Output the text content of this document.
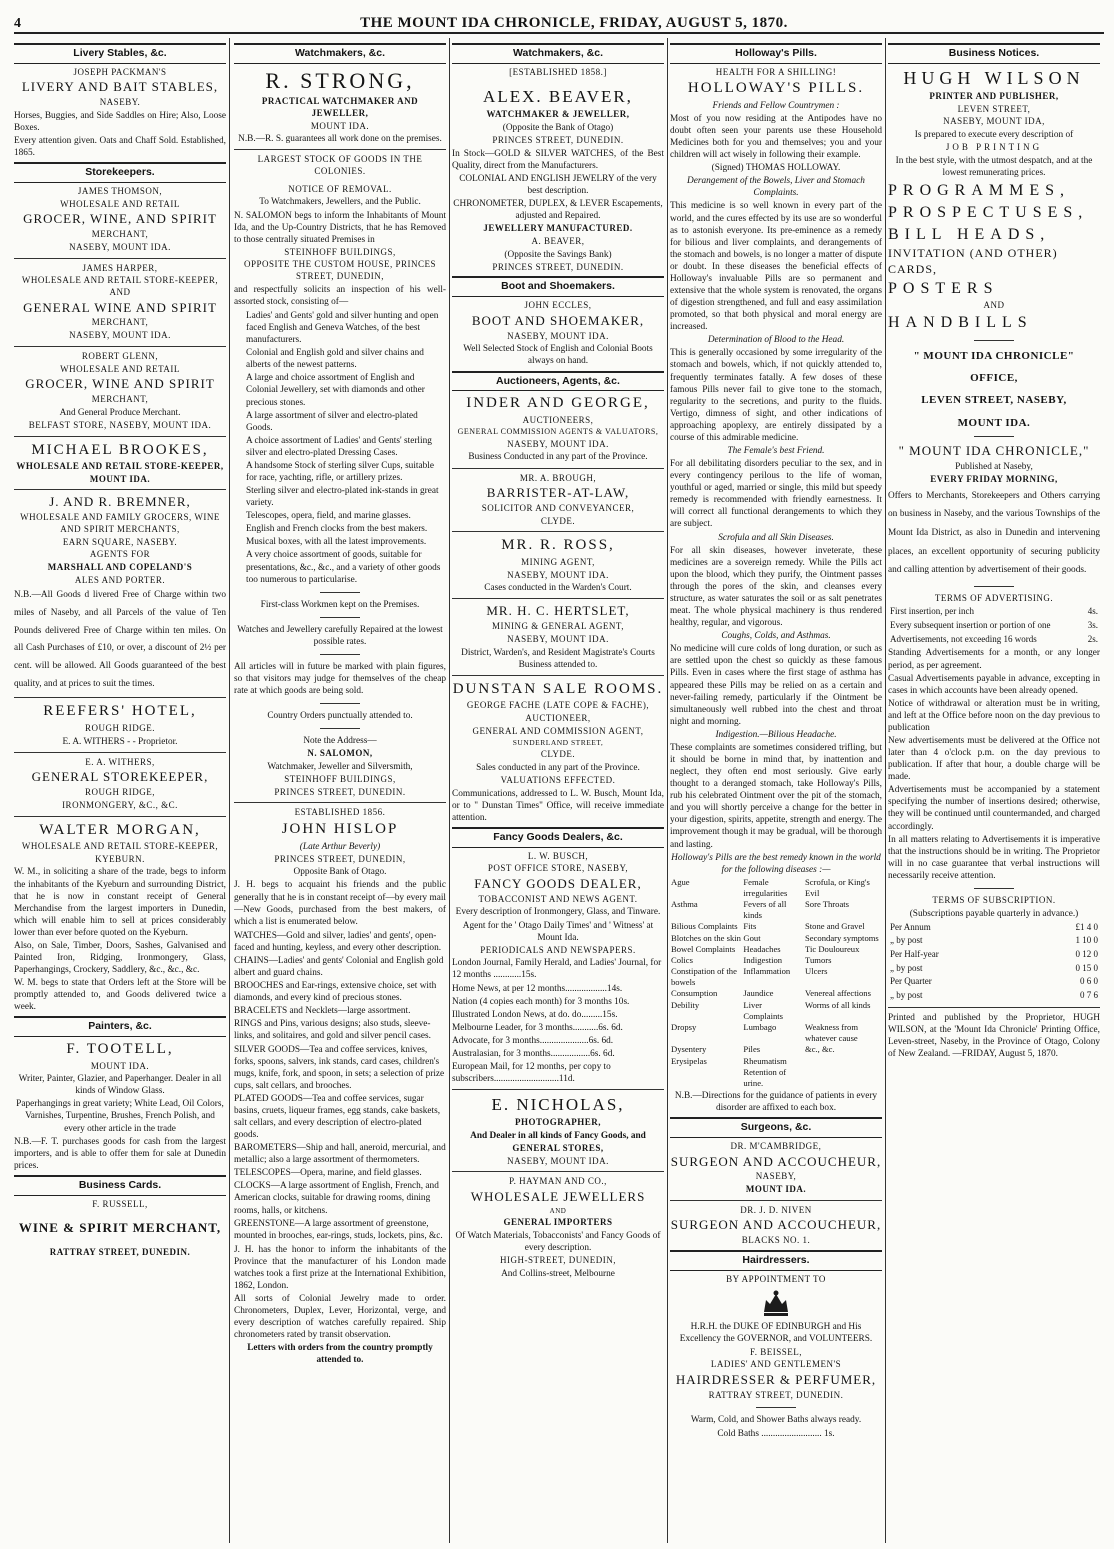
4	THE MOUNT IDA CHRONICLE, FRIDAY, AUGUST 5, 1870.
Livery Stables, &c.

JOSEPH PACKMAN'S

LIVERY AND BAIT STABLES,

NASEBY.

Horses, Buggies, and Side Saddles on Hire; Also, Loose Boxes.

Every attention given. Oats and Chaff Sold. Established, 1865.

Storekeepers.

JAMES THOMSON,

WHOLESALE AND RETAIL

GROCER, WINE, AND SPIRIT

MERCHANT,

NASEBY, MOUNT IDA.

JAMES HARPER,

WHOLESALE AND RETAIL STORE-KEEPER, AND

GENERAL WINE AND SPIRIT

MERCHANT,

NASEBY, MOUNT IDA.

ROBERT GLENN,

WHOLESALE AND RETAIL

GROCER, WINE AND SPIRIT

MERCHANT,

And General Produce Merchant.

BELFAST STORE, NASEBY, MOUNT IDA.

MICHAEL BROOKES,

WHOLESALE AND RETAIL STORE-KEEPER,

MOUNT IDA.

J. AND R. BREMNER,

WHOLESALE AND FAMILY GROCERS, WINE AND SPIRIT MERCHANTS,

EARN SQUARE, NASEBY.

AGENTS FOR

MARSHALL AND COPELAND'S

ALES AND PORTER.

N.B.—All Goods d livered Free of Charge within two miles of Naseby, and all Parcels of the value of Ten Pounds delivered Free of Charge within ten miles. On all Cash Purchases of £10, or over, a discount of 2½ per cent. will be allowed. All Goods guaranteed of the best quality, and at prices to suit the times.

REEFERS' HOTEL,

ROUGH RIDGE.

E. A. WITHERS - - Proprietor.

E. A. WITHERS,

GENERAL STOREKEEPER,

ROUGH RIDGE,

IRONMONGERY, &C., &C.

WALTER MORGAN,

WHOLESALE AND RETAIL STORE-KEEPER,

KYEBURN.

W. M., in soliciting a share of the trade, begs to inform the inhabitants of the Kyeburn and surrounding District, that he is now in constant receipt of General Merchandise from the largest importers in Dunedin, which will enable him to sell at prices considerably lower than ever before quoted on the Kyeburn.

Also, on Sale, Timber, Doors, Sashes, Galvanised and Painted Iron, Ridging, Ironmongery, Glass, Paperhangings, Crockery, Saddlery, &c., &c., &c.

W. M. begs to state that Orders left at the Store will be promptly attended to, and Goods delivered twice a week.

Painters, &c.

F. TOOTELL,

MOUNT IDA.

Writer, Painter, Glazier, and Paperhanger. Dealer in all kinds of Window Glass.

Paperhangings in great variety; White Lead, Oil Colors, Varnishes, Turpentine, Brushes, French Polish, and every other article in the trade

N.B.—F. T. purchases goods for cash from the largest importers, and is able to offer them for sale at Dunedin prices.

Business Cards.

F. RUSSELL,

WINE & SPIRIT MERCHANT,

RATTRAY STREET, DUNEDIN.

Watchmakers, &c.

R. STRONG,

PRACTICAL WATCHMAKER AND JEWELLER,

MOUNT IDA.

N.B.—R. S. guarantees all work done on the premises.

LARGEST STOCK OF GOODS IN THE COLONIES.

NOTICE OF REMOVAL.

To Watchmakers, Jewellers, and the Public.

N. SALOMON begs to inform the Inhabitants of Mount Ida, and the Up-Country Districts, that he has Removed to those centrally situated Premises in

STEINHOFF BUILDINGS,

OPPOSITE THE CUSTOM HOUSE, PRINCES STREET, DUNEDIN,

and respectfully solicits an inspection of his well-assorted stock, consisting of—

Ladies' and Gents' gold and silver hunting and open faced English and Geneva Watches, of the best manufacturers.
Colonial and English gold and silver chains and alberts of the newest patterns.
A large and choice assortment of English and Colonial Jewellery, set with diamonds and other precious stones.
A large assortment of silver and electro-plated Goods.
A choice assortment of Ladies' and Gents' sterling silver and electro-plated Dressing Cases.
A handsome Stock of sterling silver Cups, suitable for race, yachting, rifle, or artillery prizes.
Sterling silver and electro-plated ink-stands in great variety.
Telescopes, opera, field, and marine glasses.
English and French clocks from the best makers.
Musical boxes, with all the latest improvements.
A very choice assortment of goods, suitable for presentations, &c., &c., and a variety of other goods too numerous to particularise.

First-class Workmen kept on the Premises.

Watches and Jewellery carefully Repaired at the lowest possible rates.

All articles will in future be marked with plain figures, so that visitors may judge for themselves of the cheap rate at which goods are being sold.

Country Orders punctually attended to.

Note the Address—

N. SALOMON,

Watchmaker, Jeweller and Silversmith,

STEINHOFF BUILDINGS,

PRINCES STREET, DUNEDIN.

ESTABLISHED 1856.

JOHN HISLOP

(Late Arthur Beverly)

PRINCES STREET, DUNEDIN,

Opposite Bank of Otago.

J. H. begs to acquaint his friends and the public generally that he is in constant receipt of—by every mail—New Goods, purchased from the best makers, of which a list is enumerated below.

WATCHES—Gold and silver, ladies' and gents', open-faced and hunting, keyless, and every other description.
CHAINS—Ladies' and gents' Colonial and English gold albert and guard chains.
BROOCHES and Ear-rings, extensive choice, set with diamonds, and every kind of precious stones.
BRACELETS and Necklets—large assortment.
RINGS and Pins, various designs; also studs, sleeve-links, and solitaires, and gold and silver pencil cases.
SILVER GOODS—Tea and coffee services, knives, forks, spoons, salvers, ink stands, card cases, children's mugs, knife, fork, and spoon, in sets; a selection of prize cups, salt cellars, and brooches.
PLATED GOODS—Tea and coffee services, sugar basins, cruets, liqueur frames, egg stands, cake baskets, salt cellars, and every description of electro-plated goods.
BAROMETERS—Ship and hall, aneroid, mercurial, and metallic; also a large assortment of thermometers.
TELESCOPES—Opera, marine, and field glasses.
CLOCKS—A large assortment of English, French, and American clocks, suitable for drawing rooms, dining rooms, halls, or kitchens.
GREENSTONE—A large assortment of greenstone, mounted in brooches, ear-rings, studs, lockets, pins, &c.

J. H. has the honor to inform the inhabitants of the Province that the manufacturer of his London made watches took a first prize at the International Exhibition, 1862, London.

All sorts of Colonial Jewelry made to order. Chronometers, Duplex, Lever, Horizontal, verge, and every description of watches carefully repaired. Ship chronometers rated by transit observation.

Letters with orders from the country promptly attended to.

Watchmakers, &c.

[ESTABLISHED 1858.]

ALEX. BEAVER,

WATCHMAKER & JEWELLER,

(Opposite the Bank of Otago)

PRINCES STREET, DUNEDIN.

In Stock—GOLD & SILVER WATCHES, of the Best Quality, direct from the Manufacturers.

COLONIAL AND ENGLISH JEWELRY of the very best description.

CHRONOMETER, DUPLEX, & LEVER Escapements, adjusted and Repaired.

JEWELLERY MANUFACTURED.

A. BEAVER,

(Opposite the Savings Bank)

PRINCES STREET, DUNEDIN.

Boot and Shoemakers.

JOHN ECCLES,

BOOT AND SHOEMAKER,

NASEBY, MOUNT IDA.

Well Selected Stock of English and Colonial Boots always on hand.

Auctioneers, Agents, &c.

INDER AND GEORGE,

AUCTIONEERS,

GENERAL COMMISSION AGENTS & VALUATORS,

NASEBY, MOUNT IDA.

Business Conducted in any part of the Province.

MR. A. BROUGH,

BARRISTER-AT-LAW,

SOLICITOR AND CONVEYANCER,

CLYDE.

MR. R. ROSS,

MINING AGENT,

NASEBY, MOUNT IDA.

Cases conducted in the Warden's Court.

MR. H. C. HERTSLET,

MINING & GENERAL AGENT,

NASEBY, MOUNT IDA.

District, Warden's, and Resident Magistrate's Courts Business attended to.

DUNSTAN SALE ROOMS.

GEORGE FACHE (LATE COPE & FACHE),

AUCTIONEER,

GENERAL AND COMMISSION AGENT,

SUNDERLAND STREET,

CLYDE.

Sales conducted in any part of the Province.

VALUATIONS EFFECTED.

Communications, addressed to L. W. Busch, Mount Ida, or to " Dunstan Times" Office, will receive immediate attention.

Fancy Goods Dealers, &c.

L. W. BUSCH,

POST OFFICE STORE, NASEBY,

FANCY GOODS DEALER,

TOBACCONIST AND NEWS AGENT.

Every description of Ironmongery, Glass, and Tinware.

Agent for the ' Otago Daily Times' and ' Witness' at Mount Ida.

PERIODICALS AND NEWSPAPERS.

London Journal, Family Herald, and Ladies' Journal, for 12 months ............15s.

Home News, at per 12 months..................14s.

Nation (4 copies each month) for 3 months 10s.

Illustrated London News, at do. do.........15s.

Melbourne Leader, for 3 months...........6s. 6d.

Advocate, for 3 months.....................6s. 6d.

Australasian, for 3 months.................6s. 6d.

European Mail, for 12 months, per copy to subscribers............................11d.

E. NICHOLAS,

PHOTOGRAPHER,

And Dealer in all kinds of Fancy Goods, and

GENERAL STORES,

NASEBY, MOUNT IDA.

P. HAYMAN AND CO.,

WHOLESALE JEWELLERS

AND

GENERAL IMPORTERS

Of Watch Materials, Tobacconists' and Fancy Goods of every description.

HIGH-STREET, DUNEDIN,

And Collins-street, Melbourne

Holloway's Pills.

HEALTH FOR A SHILLING!

HOLLOWAY'S PILLS.

Friends and Fellow Countrymen :

Most of you now residing at the Antipodes have no doubt often seen your parents use these Household Medicines both for you and themselves; you and your children will act wisely in following their example.

(Signed) THOMAS HOLLOWAY.

Derangement of the Bowels, Liver and Stomach Complaints.

This medicine is so well known in every part of the world, and the cures effected by its use are so wonderful as to astonish everyone. Its pre-eminence as a remedy for bilious and liver complaints, and derangements of the stomach and bowels, is no longer a matter of dispute or doubt. In these diseases the beneficial effects of Holloway's invaluable Pills are so permanent and extensive that the whole system is renovated, the organs of digestion strengthened, and full and easy assimilation promoted, so that both physical and moral energy are increased.

Determination of Blood to the Head.

This is generally occasioned by some irregularity of the stomach and bowels, which, if not quickly attended to, frequently terminates fatally. A few doses of these famous Pills never fail to give tone to the stomach, regularity to the secretions, and purity to the fluids. Vertigo, dimness of sight, and other indications of approaching apoplexy, are entirely dissipated by a course of this admirable medicine.

The Female's best Friend.

For all debilitating disorders peculiar to the sex, and in every contingency perilous to the life of woman, youthful or aged, married or single, this mild but speedy remedy is recommended with friendly earnestness. It will correct all functional derangements to which they are subject.

Scrofula and all Skin Diseases.

For all skin diseases, however inveterate, these medicines are a sovereign remedy. While the Pills act upon the blood, which they purify, the Ointment passes through the pores of the skin, and cleanses every structure, as water saturates the soil or as salt penetrates meat. The whole physical machinery is thus rendered healthy, regular, and vigorous.

Coughs, Colds, and Asthmas.

No medicine will cure colds of long duration, or such as are settled upon the chest so quickly as these famous Pills. Even in cases where the first stage of asthma has appeared these Pills may be relied on as a certain and never-failing remedy, particularly if the Ointment be simultaneously well rubbed into the chest and throat night and morning.

Indigestion.—Bilious Headache.

These complaints are sometimes considered trifling, but it should be borne in mind that, by inattention and neglect, they often end most seriously. Give early thought to a deranged stomach, take Holloway's Pills, rub his celebrated Ointment over the pit of the stomach, and you will shortly perceive a change for the better in your digestion, spirits, appetite, strength and energy. The improvement though it may be gradual, will be thorough and lasting.

Holloway's Pills are the best remedy known in the world for the following diseases :—

Ague	Female irregularities	Scrofula, or King's Evil
Asthma	Fevers of all kinds	Sore Throats
Bilious Complaints	Fits	Stone and Gravel
Blotches on the skin	Gout	Secondary symptoms
Bowel Complaints	Headaches	Tic Douloureux
Colics	Indigestion	Tumors
Constipation of the bowels	Inflammation	Ulcers
Consumption	Jaundice	Venereal affections
Debility	Liver Complaints	Worms of all kinds
Dropsy	Lumbago	Weakness from whatever cause
Dysentery	Piles	&c., &c.
Erysipelas	Rheumatism	
	Retention of urine.	

N.B.—Directions for the guidance of patients in every disorder are affixed to each box.

Surgeons, &c.

DR. M'CAMBRIDGE,

SURGEON AND ACCOUCHEUR,

NASEBY,

MOUNT IDA.

DR. J. D. NIVEN

SURGEON AND ACCOUCHEUR,

BLACKS NO. 1.

Hairdressers.

BY APPOINTMENT TO

H.R.H. the DUKE OF EDINBURGH and His Excellency the GOVERNOR, and VOLUNTEERS.

F. BEISSEL,

LADIES' AND GENTLEMEN'S

HAIRDRESSER & PERFUMER,

RATTRAY STREET, DUNEDIN.

Warm, Cold, and Shower Baths always ready.

Cold Baths .......................... 1s.

Business Notices.

HUGH WILSON

PRINTER AND PUBLISHER,

LEVEN STREET,

NASEBY, MOUNT IDA,

Is prepared to execute every description of

JOB PRINTING

In the best style, with the utmost despatch, and at the lowest remunerating prices.

PROGRAMMES,

PROSPECTUSES,

BILL HEADS,

INVITATION (AND OTHER) CARDS,

POSTERS

AND

HANDBILLS

" MOUNT IDA CHRONICLE"

OFFICE,

LEVEN STREET, NASEBY,

MOUNT IDA.

" MOUNT IDA CHRONICLE,"

Published at Naseby,

EVERY FRIDAY MORNING,

Offers to Merchants, Storekeepers and Others carrying on business in Naseby, and the various Townships of the Mount Ida District, as also in Dunedin and intervening places, an excellent opportunity of securing publicity and calling attention by advertisement of their goods.

TERMS OF ADVERTISING.

First insertion, per inch	4s.
Every subsequent insertion or portion of one	3s.
Advertisements, not exceeding 16 words	2s.

Standing Advertisements for a month, or any longer period, as per agreement.

Casual Advertisements payable in advance, excepting in cases in which accounts have been already opened.

Notice of withdrawal or alteration must be in writing, and left at the Office before noon on the day previous to publication

New advertisements must be delivered at the Office not later than 4 o'clock p.m. on the day previous to publication. If after that hour, a double charge will be made.

Advertisements must be accompanied by a statement specifying the number of insertions desired; otherwise, they will be continued until countermanded, and charged accordingly.

In all matters relating to Advertisements it is imperative that the instructions should be in writing. The Proprietor will in no case guarantee that verbal instructions will necessarily receive attention.

TERMS OF SUBSCRIPTION.

(Subscriptions payable quarterly in advance.)

Per Annum	£1 4 0
„ by post	1 10 0
Per Half-year	0 12 0
„ by post	0 15 0
Per Quarter	0 6 0
„ by post	0 7 6

Printed and published by the Proprietor, HUGH WILSON, at the 'Mount Ida Chronicle' Printing Office, Leven-street, Naseby, in the Province of Otago, Colony of New Zealand. —FRIDAY, August 5, 1870.
